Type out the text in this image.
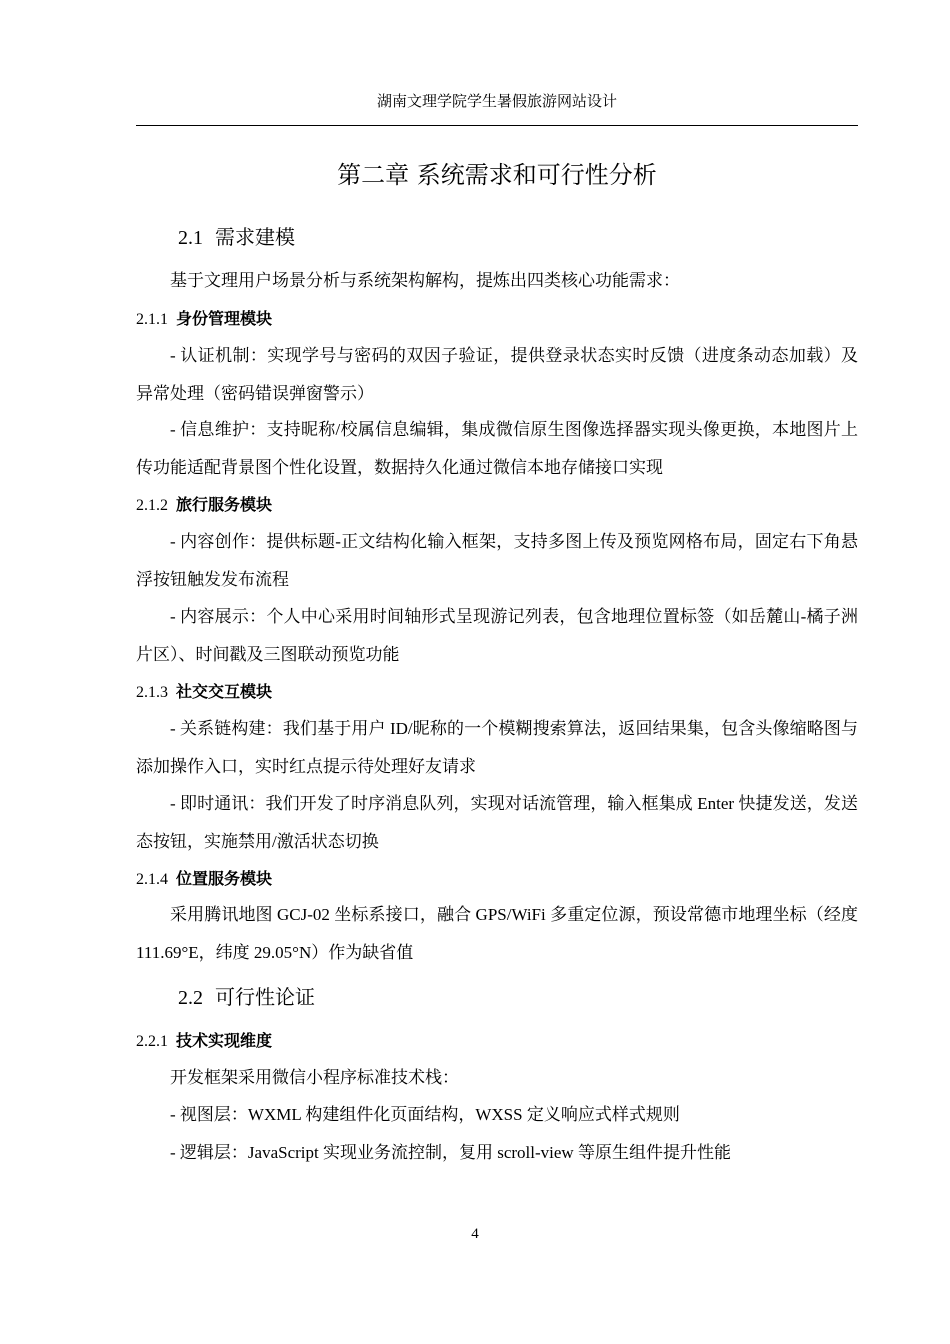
湖南文理学院学生暑假旅游网站设计
第二章 系统需求和可行性分析
2.1 需求建模

基于文理用户场景分析与系统架构解构，提炼出四类核心功能需求：

2.1.1 身份管理模块

- 认证机制：实现学号与密码的双因子验证，提供登录状态实时反馈（进度条动态加载）及异常处理（密码错误弹窗警示）

- 信息维护：支持昵称/校属信息编辑，集成微信原生图像选择器实现头像更换，本地图片上传功能适配背景图个性化设置，数据持久化通过微信本地存储接口实现

2.1.2 旅行服务模块

- 内容创作：提供标题-正文结构化输入框架，支持多图上传及预览网格布局，固定右下角悬浮按钮触发发布流程

- 内容展示：个人中心采用时间轴形式呈现游记列表，包含地理位置标签（如岳麓山-橘子洲片区）、时间戳及三图联动预览功能

2.1.3 社交交互模块

- 关系链构建：我们基于用户 ID/昵称的一个模糊搜索算法，返回结果集，包含头像缩略图与添加操作入口，实时红点提示待处理好友请求

- 即时通讯：我们开发了时序消息队列，实现对话流管理，输入框集成 Enter 快捷发送，发送态按钮，实施禁用/激活状态切换

2.1.4 位置服务模块

采用腾讯地图 GCJ-02 坐标系接口，融合 GPS/WiFi 多重定位源，预设常德市地理坐标（经度 111.69°E，纬度 29.05°N）作为缺省值

2.2 可行性论证
2.2.1 技术实现维度

开发框架采用微信小程序标准技术栈：

- 视图层：WXML 构建组件化页面结构，WXSS 定义响应式样式规则

- 逻辑层：JavaScript 实现业务流控制，复用 scroll-view 等原生组件提升性能

4
